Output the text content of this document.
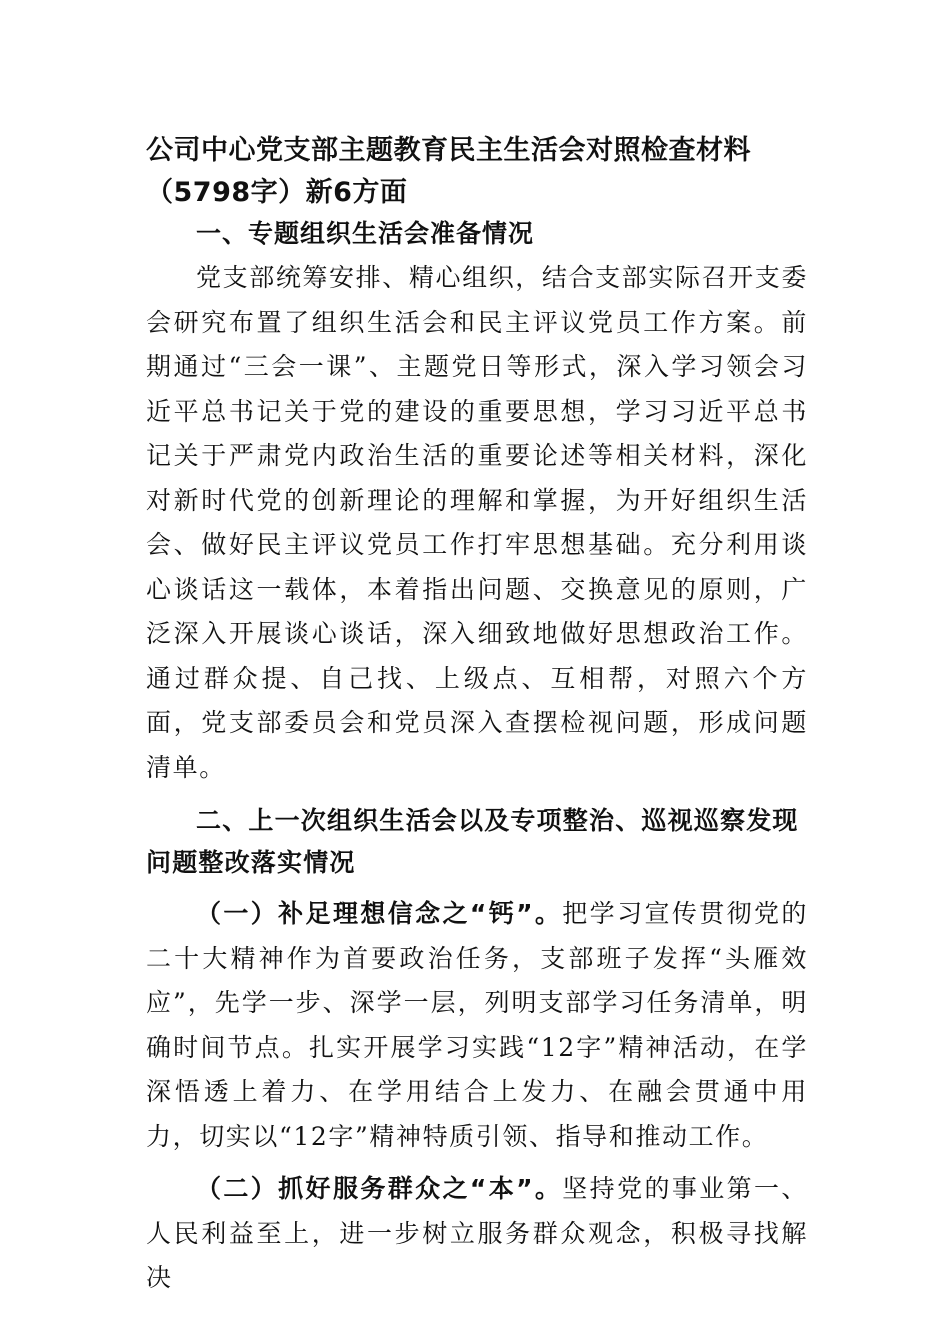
公司中心党支部主题教育民主生活会对照检查材料（5798字）新6方面
一、专题组织生活会准备情况

党支部统筹安排、精心组织，结合支部实际召开支委会研究布置了组织生活会和民主评议党员工作方案。前期通过“三会一课”、主题党日等形式，深入学习领会习近平总书记关于党的建设的重要思想，学习习近平总书记关于严肃党内政治生活的重要论述等相关材料，深化对新时代党的创新理论的理解和掌握，为开好组织生活会、做好民主评议党员工作打牢思想基础。充分利用谈心谈话这一载体，本着指出问题、交换意见的原则，广泛深入开展谈心谈话，深入细致地做好思想政治工作。通过群众提、自己找、上级点、互相帮，对照六个方面，党支部委员会和党员深入查摆检视问题，形成问题清单。

二、上一次组织生活会以及专项整治、巡视巡察发现问题整改落实情况

（一）补足理想信念之“钙”。把学习宣传贯彻党的二十大精神作为首要政治任务，支部班子发挥“头雁效应”，先学一步、深学一层，列明支部学习任务清单，明确时间节点。扎实开展学习实践“12字”精神活动，在学深悟透上着力、在学用结合上发力、在融会贯通中用力，切实以“12字”精神特质引领、指导和推动工作。

（二）抓好服务群众之“本”。坚持党的事业第一、人民利益至上，进一步树立服务群众观念，积极寻找解决
